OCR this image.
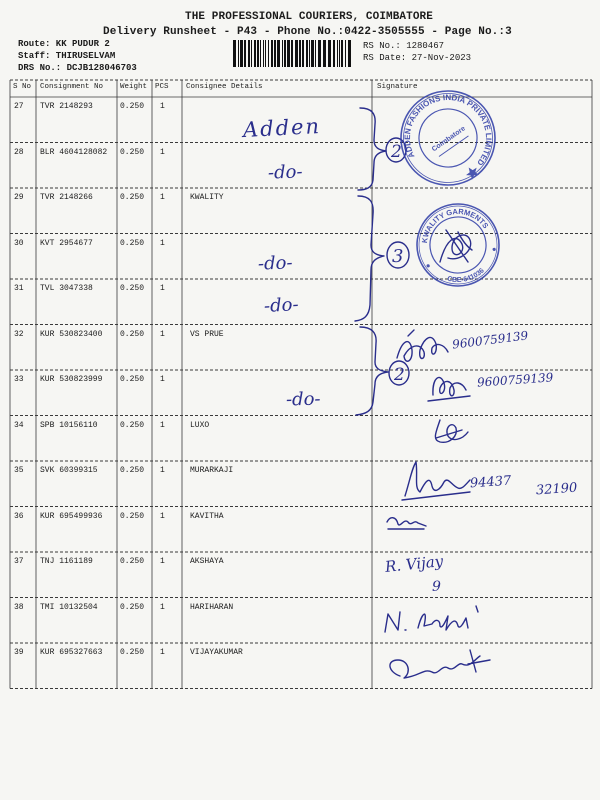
THE PROFESSIONAL COURIERS, COIMBATORE
Delivery Runsheet - P43 - Phone No.:0422-3505555 - Page No.:3
Route: KK PUDUR 2
Staff: THIRUSELVAM
DRS No.: DCJB128046703
RS No.: 1280467
RS Date: 27-Nov-2023
S No Consignment No Weight PCS Consignee Details	Signature
27 TVR 2148293	0.250 1
28 BLR 4604128082 0.250 1
29 TVR 2148266	0.250 1	KWALITY
30 KVT 2954677	0.250 1
31 TVL 3047338	0.250 1
32 KUR 530823400 0.250 1	VS PRUE
33 KUR 530823999 0.250 1
34 SPB 10156110	0.250 1	LUXO
35 SVK 60399315	0.250 1	MURARKAJI
36 KUR 695499936 0.250 1	KAVITHA
37 TNJ 1161189	0.250 1	AKSHAYA
38 TMI 10132504	0.250 1	HARIHARAN
39 KUR 695327663 0.250 1	VIJAYAKUMAR
2
3
2
ADDEN FASHIONS INDIA PRIVATE LIMITED
Coimbatore
KWALITY GARMENTS
CBE-641036
Adden
-do-
-do-
-do-
-do-
9600759139
9600759139
94437 32190
R. Vijay
9
